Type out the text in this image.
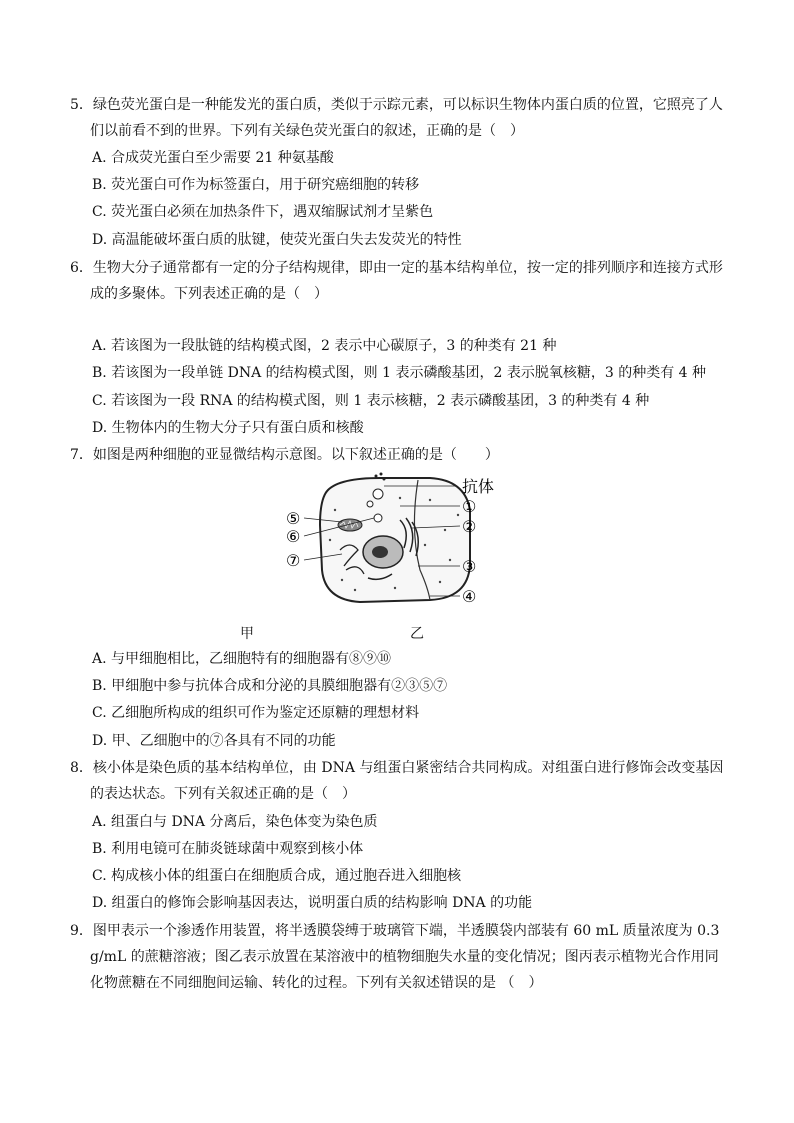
5．绿色荧光蛋白是一种能发光的蛋白质，类似于示踪元素，可以标识生物体内蛋白质的位置，它照亮了人们以前看不到的世界。下列有关绿色荧光蛋白的叙述，正确的是（　）

A. 合成荧光蛋白至少需要 21 种氨基酸
B. 荧光蛋白可作为标签蛋白，用于研究癌细胞的转移
C. 荧光蛋白必须在加热条件下，遇双缩脲试剂才呈紫色
D. 高温能破坏蛋白质的肽键，使荧光蛋白失去发荧光的特性

6．生物大分子通常都有一定的分子结构规律，即由一定的基本结构单位，按一定的排列顺序和连接方式形成的多聚体。下列表述正确的是（　）

A. 若该图为一段肽链的结构模式图，2 表示中心碳原子，3 的种类有 21 种
B. 若该图为一段单链 DNA 的结构模式图，则 1 表示磷酸基团，2 表示脱氧核糖，3 的种类有 4 种
C. 若该图为一段 RNA 的结构模式图，则 1 表示核糖，2 表示磷酸基团，3 的种类有 4 种
D. 生物体内的生物大分子只有蛋白质和核酸

7．如图是两种细胞的亚显微结构示意图。以下叙述正确的是（　　）

抗体
①
②
③
④
⑤
⑥
⑦
甲	乙
A. 与甲细胞相比，乙细胞特有的细胞器有⑧⑨⑩
B. 甲细胞中参与抗体合成和分泌的具膜细胞器有②③⑤⑦
C. 乙细胞所构成的组织可作为鉴定还原糖的理想材料
D. 甲、乙细胞中的⑦各具有不同的功能

8．核小体是染色质的基本结构单位，由 DNA 与组蛋白紧密结合共同构成。对组蛋白进行修饰会改变基因的表达状态。下列有关叙述正确的是（　）

A. 组蛋白与 DNA 分离后，染色体变为染色质
B. 利用电镜可在肺炎链球菌中观察到核小体
C. 构成核小体的组蛋白在细胞质合成，通过胞吞进入细胞核
D. 组蛋白的修饰会影响基因表达，说明蛋白质的结构影响 DNA 的功能

9．图甲表示一个渗透作用装置，将半透膜袋缚于玻璃管下端，半透膜袋内部装有 60 mL 质量浓度为 0.3 g/mL 的蔗糖溶液；图乙表示放置在某溶液中的植物细胞失水量的变化情况；图丙表示植物光合作用同化物蔗糖在不同细胞间运输、转化的过程。下列有关叙述错误的是 （　）
